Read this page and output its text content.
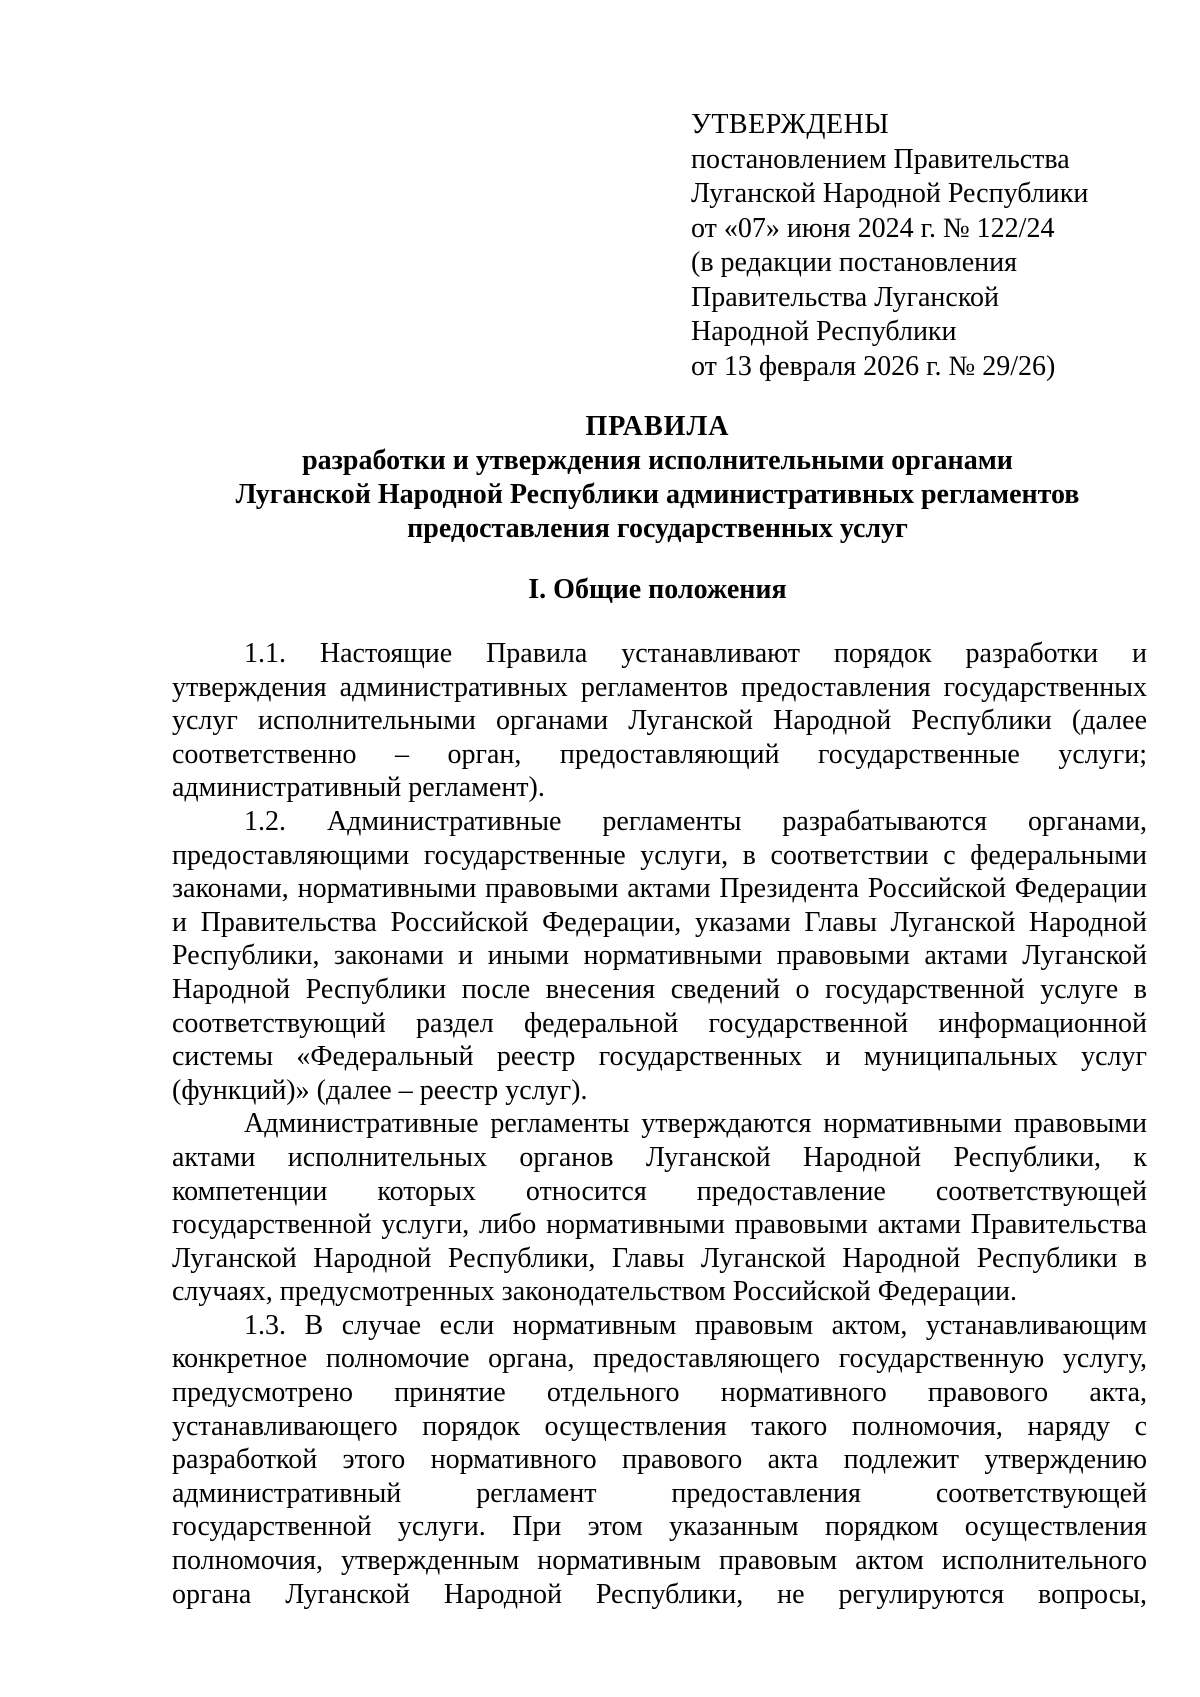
УТВЕРЖДЕНЫ
постановлением Правительства
Луганской Народной Республики
от «07» июня 2024 г. № 122/24
(в редакции постановления
Правительства Луганской
Народной Республики
от 13 февраля 2026 г. № 29/26)
ПРАВИЛА
разработки и утверждения исполнительными органами
Луганской Народной Республики административных регламентов
предоставления государственных услуг
I. Общие положения

1.1. Настоящие Правила устанавливают порядок разработки и утверждения административных регламентов предоставления государственных услуг исполнительными органами Луганской Народной Республики (далее соответственно – орган, предоставляющий государственные услуги; административный регламент).

1.2. Административные регламенты разрабатываются органами, предоставляющими государственные услуги, в соответствии с федеральными законами, нормативными правовыми актами Президента Российской Федерации и Правительства Российской Федерации, указами Главы Луганской Народной Республики, законами и иными нормативными правовыми актами Луганской Народной Республики после внесения сведений о государственной услуге в соответствующий раздел федеральной государственной информационной системы «Федеральный реестр государственных и муниципальных услуг (функций)» (далее – реестр услуг).

Административные регламенты утверждаются нормативными правовыми актами исполнительных органов Луганской Народной Республики, к компетенции которых относится предоставление соответствующей государственной услуги, либо нормативными правовыми актами Правительства Луганской Народной Республики, Главы Луганской Народной Республики в случаях, предусмотренных законодательством Российской Федерации.

1.3. В случае если нормативным правовым актом, устанавливающим конкретное полномочие органа, предоставляющего государственную услугу, предусмотрено принятие отдельного нормативного правового акта, устанавливающего порядок осуществления такого полномочия, наряду с разработкой этого нормативного правового акта подлежит утверждению административный регламент предоставления соответствующей государственной услуги. При этом указанным порядком осуществления полномочия, утвержденным нормативным правовым актом исполнительного органа Луганской Народной Республики, не регулируются вопросы,
